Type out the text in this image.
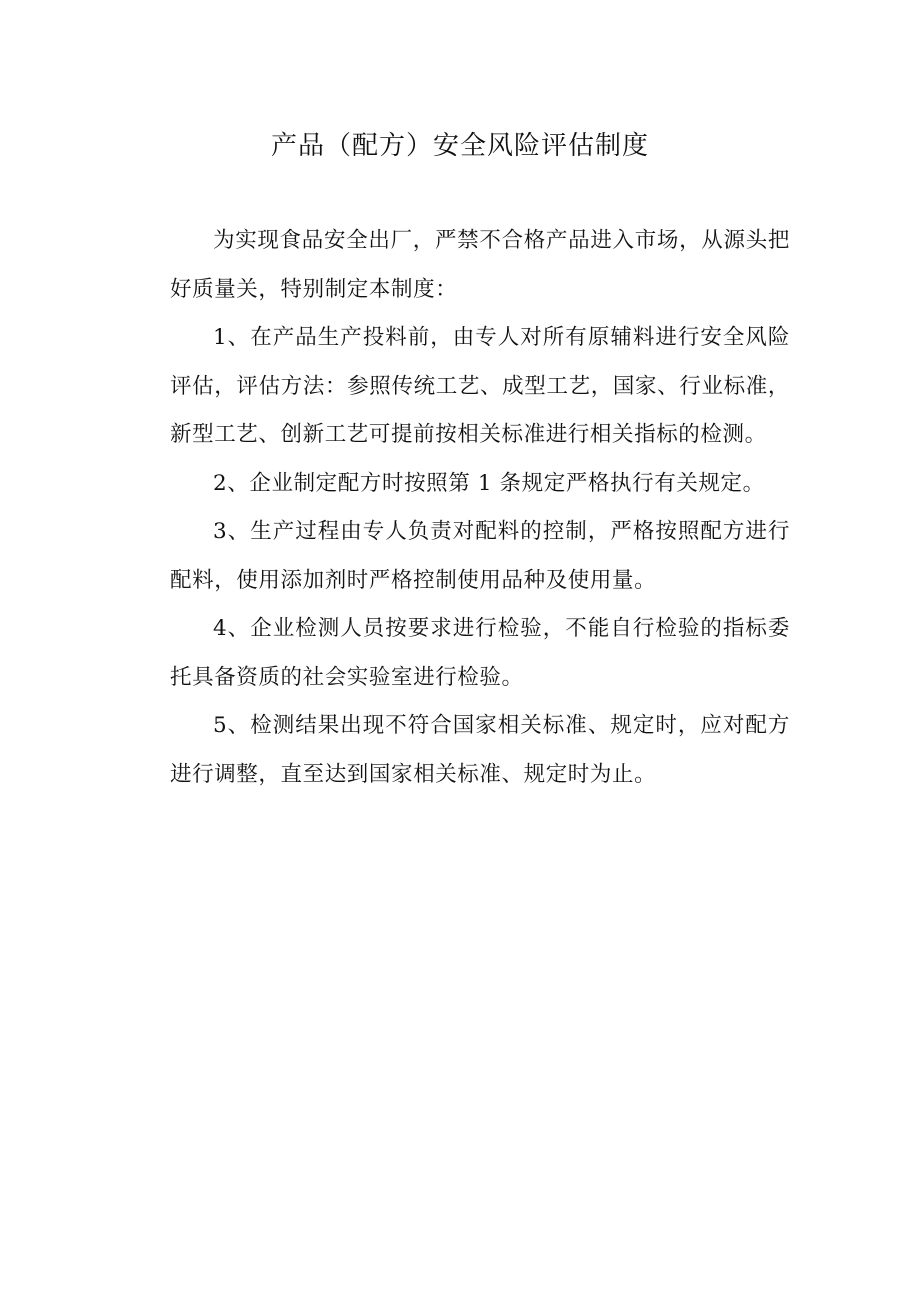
产品（配方）安全风险评估制度

为实现食品安全出厂，严禁不合格产品进入市场，从源头把好质量关，特别制定本制度：

1、在产品生产投料前，由专人对所有原辅料进行安全风险评估，评估方法：参照传统工艺、成型工艺，国家、行业标准，新型工艺、创新工艺可提前按相关标准进行相关指标的检测。

2、企业制定配方时按照第 1 条规定严格执行有关规定。

3、生产过程由专人负责对配料的控制，严格按照配方进行配料，使用添加剂时严格控制使用品种及使用量。

4、企业检测人员按要求进行检验，不能自行检验的指标委托具备资质的社会实验室进行检验。

5、检测结果出现不符合国家相关标准、规定时，应对配方进行调整，直至达到国家相关标准、规定时为止。
